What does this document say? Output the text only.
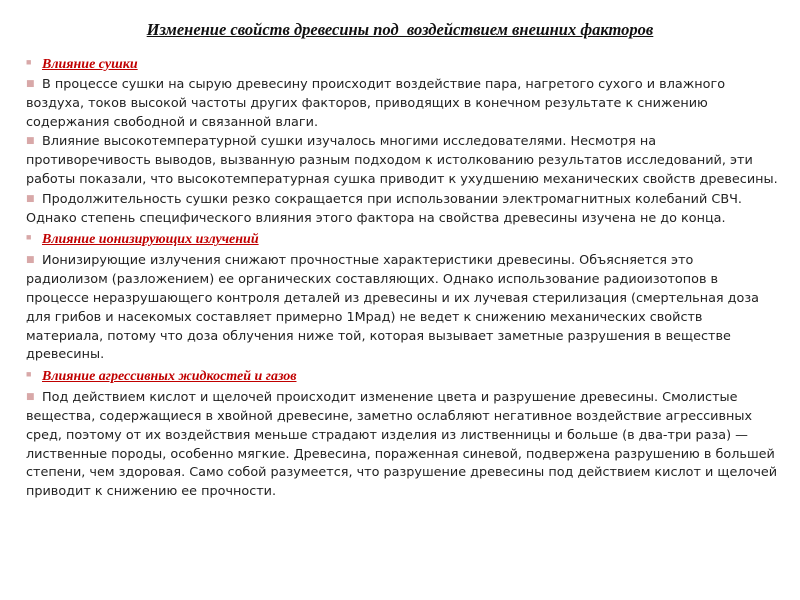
Изменение свойств древесины под  воздействием внешних факторов
■ Влияние сушки

■ В процессе сушки на сырую древесину происходит воздействие пара, нагретого сухого и влажного воздуха, токов высокой частоты других факторов, приводящих в конечном результате к снижению содержания свободной и связанной влаги.

■ Влияние высокотемпературной сушки изучалось многими исследователями. Несмотря на противоречивость выводов, вызванную разным подходом к истолкованию результатов исследований, эти работы показали, что высокотемпературная сушка приводит к ухудшению механических свойств древесины.

■ Продолжительность сушки резко сокращается при использовании электромагнитных колебаний СВЧ. Однако степень специфического влияния этого фактора на свойства древесины изучена не до конца.

■ Влияние ионизирующих излучений

■ Ионизирующие излучения снижают прочностные характеристики древесины. Объясняется это радиолизом (разложением) ее органических составляющих. Однако использование радиоизотопов в процессе неразрушающего контроля деталей из древесины и их лучевая стерилизация (смертельная доза для грибов и насекомых составляет примерно 1Мрад) не ведет к снижению механических свойств материала, потому что доза облучения ниже той, которая вызывает заметные разрушения в веществе древесины.

■ Влияние агрессивных жидкостей и газов

■ Под действием кислот и щелочей происходит изменение цвета и разрушение древесины. Смолистые вещества, содержащиеся в хвойной древесине, заметно ослабляют негативное воздействие агрессивных сред, поэтому от их воздействия меньше страдают изделия из лиственницы и больше (в два-три раза) — лиственные породы, особенно мягкие. Древесина, пораженная синевой, подвержена разрушению в большей степени, чем здоровая. Само собой разумеется, что разрушение древесины под действием кислот и щелочей приводит к снижению ее прочности.
